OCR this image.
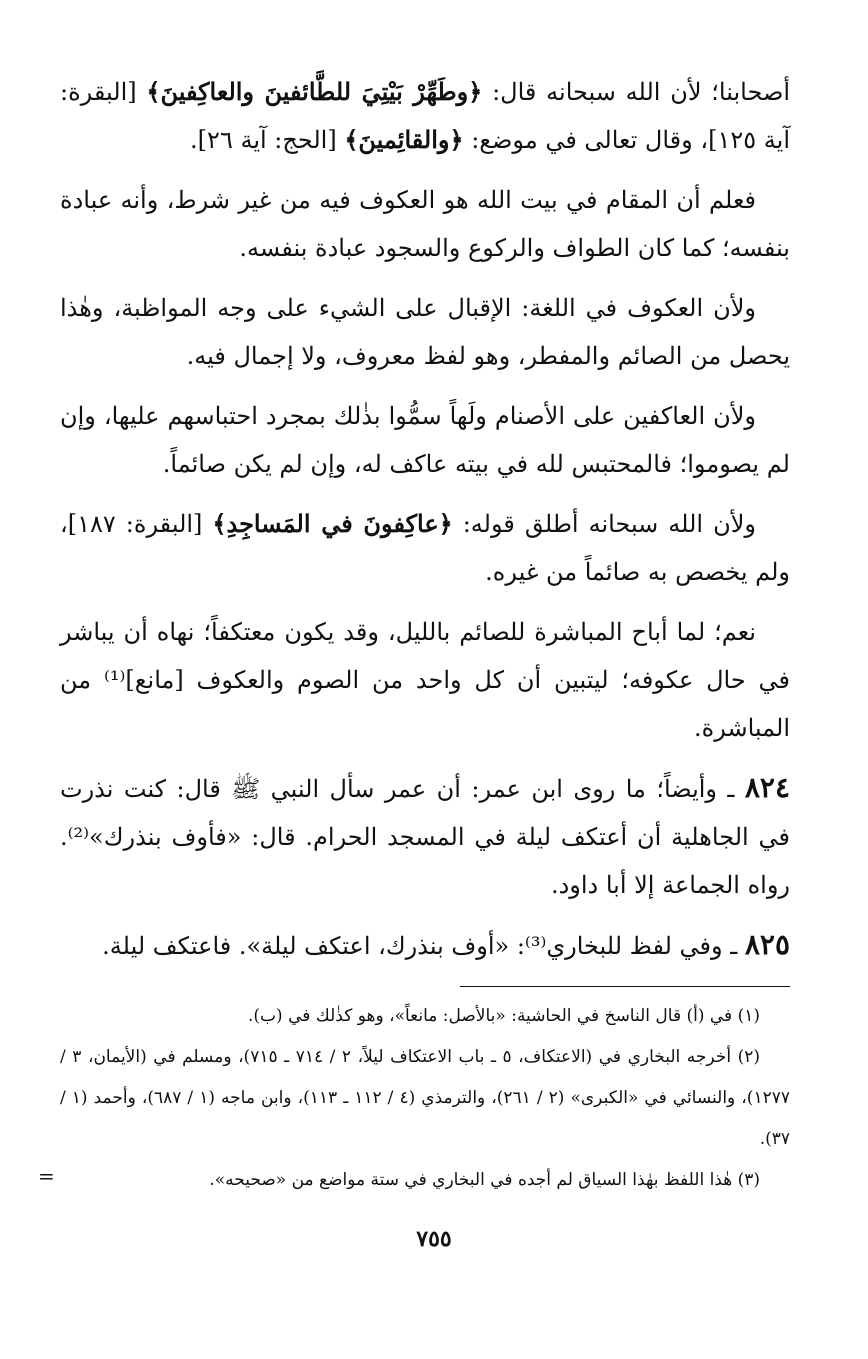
أصحابنا؛ لأن الله سبحانه قال: ﴿وطَهِّرْ بَيْتِيَ للطَّائفينَ والعاكِفينَ﴾ [البقرة: آية ١٢٥]، وقال تعالى في موضع: ﴿والقائِمينَ﴾ [الحج: آية ٢٦].

فعلم أن المقام في بيت الله هو العكوف فيه من غير شرط، وأنه عبادة بنفسه؛ كما كان الطواف والركوع والسجود عبادة بنفسه.

ولأن العكوف في اللغة: الإقبال على الشيء على وجه المواظبة، وهٰذا يحصل من الصائم والمفطر، وهو لفظ معروف، ولا إجمال فيه.

ولأن العاكفين على الأصنام ولَهاً سمُّوا بذٰلك بمجرد احتباسهم عليها، وإن لم يصوموا؛ فالمحتبس لله في بيته عاكف له، وإن لم يكن صائماً.

ولأن الله سبحانه أطلق قوله: ﴿عاكِفونَ في المَساجِدِ﴾ [البقرة: ١٨٧]، ولم يخصص به صائماً من غيره.

نعم؛ لما أباح المباشرة للصائم بالليل، وقد يكون معتكفاً؛ نهاه أن يباشر في حال عكوفه؛ ليتبين أن كل واحد من الصوم والعكوف [مانع]⁽¹⁾ من المباشرة.

٨٢٤ ـ وأيضاً؛ ما روى ابن عمر: أن عمر سأل النبي ﷺ قال: كنت نذرت في الجاهلية أن أعتكف ليلة في المسجد الحرام. قال: «فأوف بنذرك»⁽²⁾. رواه الجماعة إلا أبا داود.

٨٢٥ ـ وفي لفظ للبخاري⁽³⁾: «أوف بنذرك، اعتكف ليلة». فاعتكف ليلة.

(١) في (أ) قال الناسخ في الحاشية: «بالأصل: مانعاً»، وهو كذٰلك في (ب).

(٢) أخرجه البخاري في (الاعتكاف، ٥ ـ باب الاعتكاف ليلاً، ٢ / ٧١٤ ـ ٧١٥)، ومسلم في (الأيمان، ٣ / ١٢٧٧)، والنسائي في «الكبرى» (٢ / ٢٦١)، والترمذي (٤ / ١١٢ ـ ١١٣)، وابن ماجه (١ / ٦٨٧)، وأحمد (١ / ٣٧).

(٣) هٰذا اللفظ بهٰذا السياق لم أجده في البخاري في ستة مواضع من «صحيحه».

=
٧٥٥
